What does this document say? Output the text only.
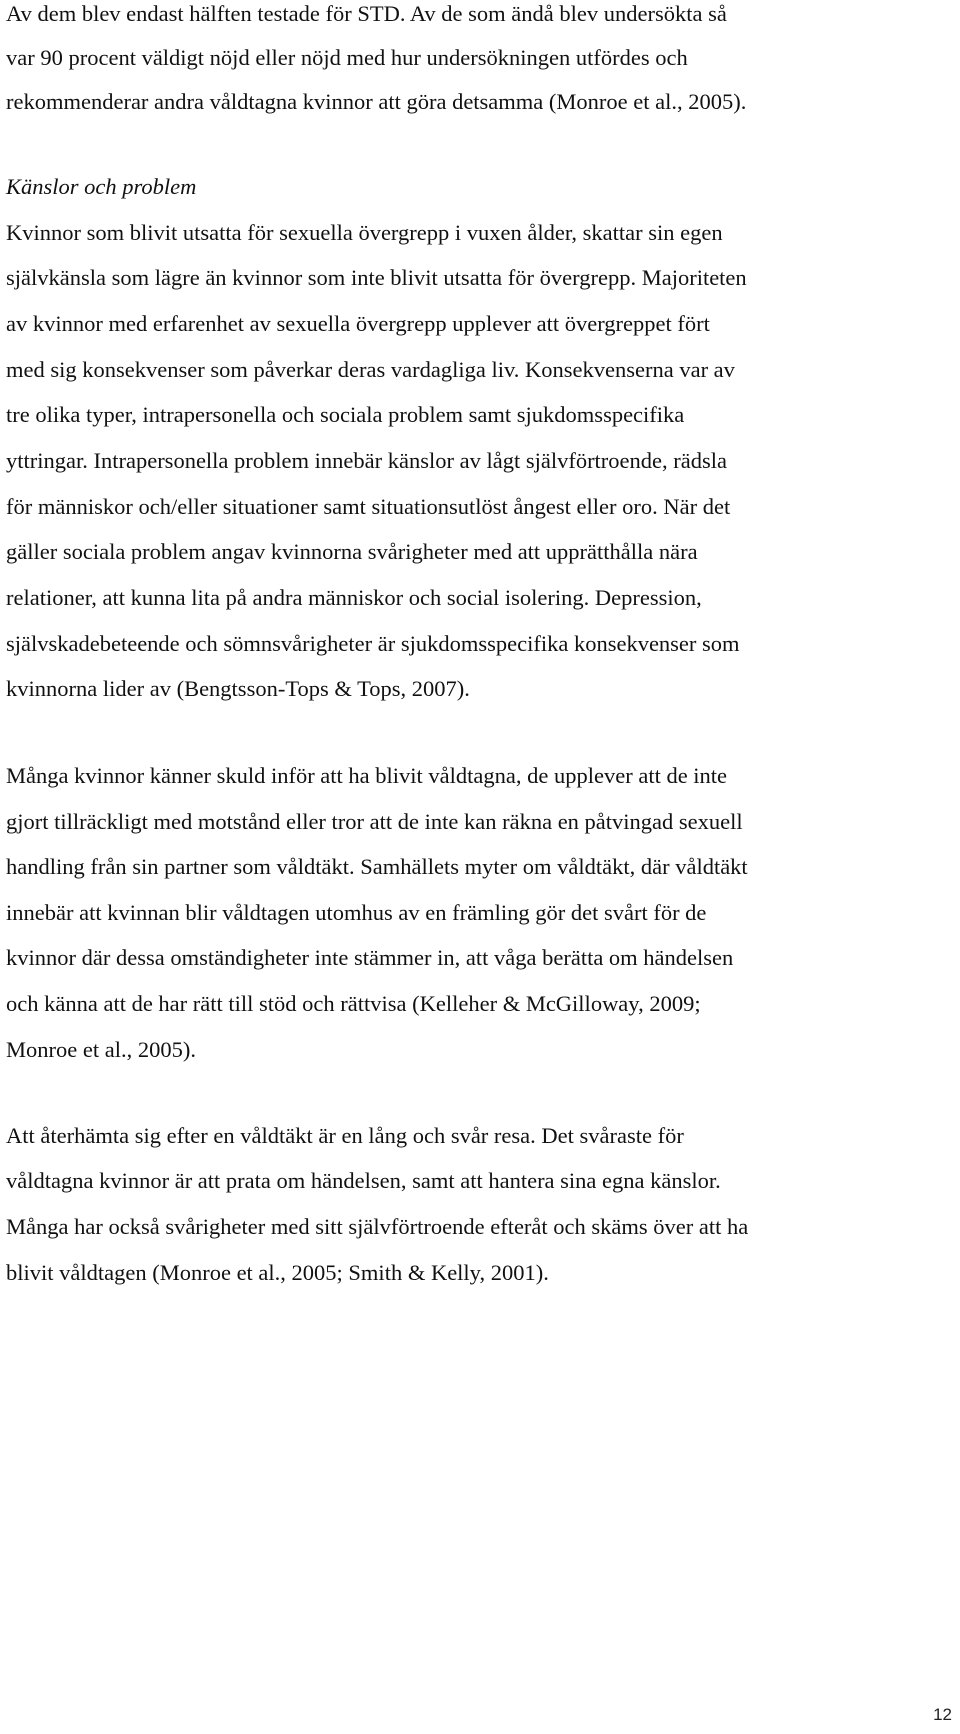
Av dem blev endast hälften testade för STD. Av de som ändå blev undersökta så
var 90 procent väldigt nöjd eller nöjd med hur undersökningen utfördes och
rekommenderar andra våldtagna kvinnor att göra detsamma (Monroe et al., 2005).
Känslor och problem
Kvinnor som blivit utsatta för sexuella övergrepp i vuxen ålder, skattar sin egen
självkänsla som lägre än kvinnor som inte blivit utsatta för övergrepp. Majoriteten
av kvinnor med erfarenhet av sexuella övergrepp upplever att övergreppet fört
med sig konsekvenser som påverkar deras vardagliga liv. Konsekvenserna var av
tre olika typer, intrapersonella och sociala problem samt sjukdomsspecifika
yttringar. Intrapersonella problem innebär känslor av lågt självförtroende, rädsla
för människor och/eller situationer samt situationsutlöst ångest eller oro. När det
gäller sociala problem angav kvinnorna svårigheter med att upprätthålla nära
relationer, att kunna lita på andra människor och social isolering. Depression,
självskadebeteende och sömnsvårigheter är sjukdomsspecifika konsekvenser som
kvinnorna lider av (Bengtsson-Tops & Tops, 2007).
Många kvinnor känner skuld inför att ha blivit våldtagna, de upplever att de inte
gjort tillräckligt med motstånd eller tror att de inte kan räkna en påtvingad sexuell
handling från sin partner som våldtäkt. Samhällets myter om våldtäkt, där våldtäkt
innebär att kvinnan blir våldtagen utomhus av en främling gör det svårt för de
kvinnor där dessa omständigheter inte stämmer in, att våga berätta om händelsen
och känna att de har rätt till stöd och rättvisa (Kelleher & McGilloway, 2009;
Monroe et al., 2005).
Att återhämta sig efter en våldtäkt är en lång och svår resa. Det svåraste för
våldtagna kvinnor är att prata om händelsen, samt att hantera sina egna känslor.
Många har också svårigheter med sitt självförtroende efteråt och skäms över att ha
blivit våldtagen (Monroe et al., 2005; Smith & Kelly, 2001).
12
